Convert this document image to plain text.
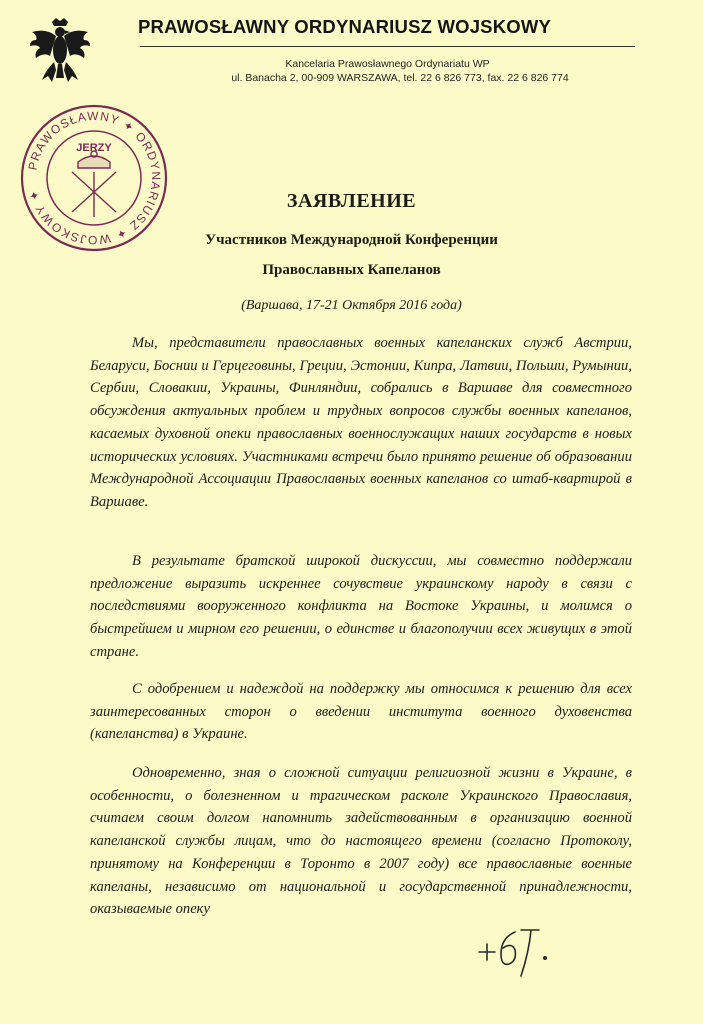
PRAWOSŁAWNY ORDYNARIUSZ WOJSKOWY
Kancelaria Prawosławnego Ordynariatu WP
ul. Banacha 2, 00-909 WARSZAWA, tel. 22 6 826 773, fax. 22 6 826 774
PRAWOSŁAWNY ✦ ORDYNARIUSZ ✦ WOJSKOWY ✦
JERZY
ЗАЯВЛЕНИЕ
Участников Международной Конференции
Православных Капеланов
(Варшава, 17-21 Октября 2016 года)
Мы, представители православных военных капеланских служб Австрии, Беларуси, Боснии и Герцеговины, Греции, Эстонии, Кипра, Латвии, Польши, Румынии, Сербии, Словакии, Украины, Финляндии, собрались в Варшаве для совместного обсуждения актуальных проблем и трудных вопросов службы военных капеланов, касаемых духовной опеки православных военнослужащих наших государств в новых исторических условиях. Участниками встречи было принято решение об образовании Международной Ассоциации Православных военных капеланов со штаб-квартирой в Варшаве.
В результате братской широкой дискуссии, мы совместно поддержали предложение выразить искреннее сочувствие украинскому народу в связи с последствиями вооруженного конфликта на Востоке Украины, и молимся о быстрейшем и мирном его решении, о единстве и благополучии всех живущих в этой стране.
С одобрением и надеждой на поддержку мы относимся к решению для всех заинтересованных сторон о введении института военного духовенства (капеланства) в Украине.
Одновременно, зная о сложной ситуации религиозной жизни в Украине, в особенности, о болезненном и трагическом расколе Украинского Православия, считаем своим долгом напомнить задействованным в организацию военной капеланской службы лицам, что до настоящего времени (согласно Протоколу, принятому на Конференции в Торонто в 2007 году) все православные военные капеланы, независимо от национальной и государственной принадлежности, оказываемые опеку
